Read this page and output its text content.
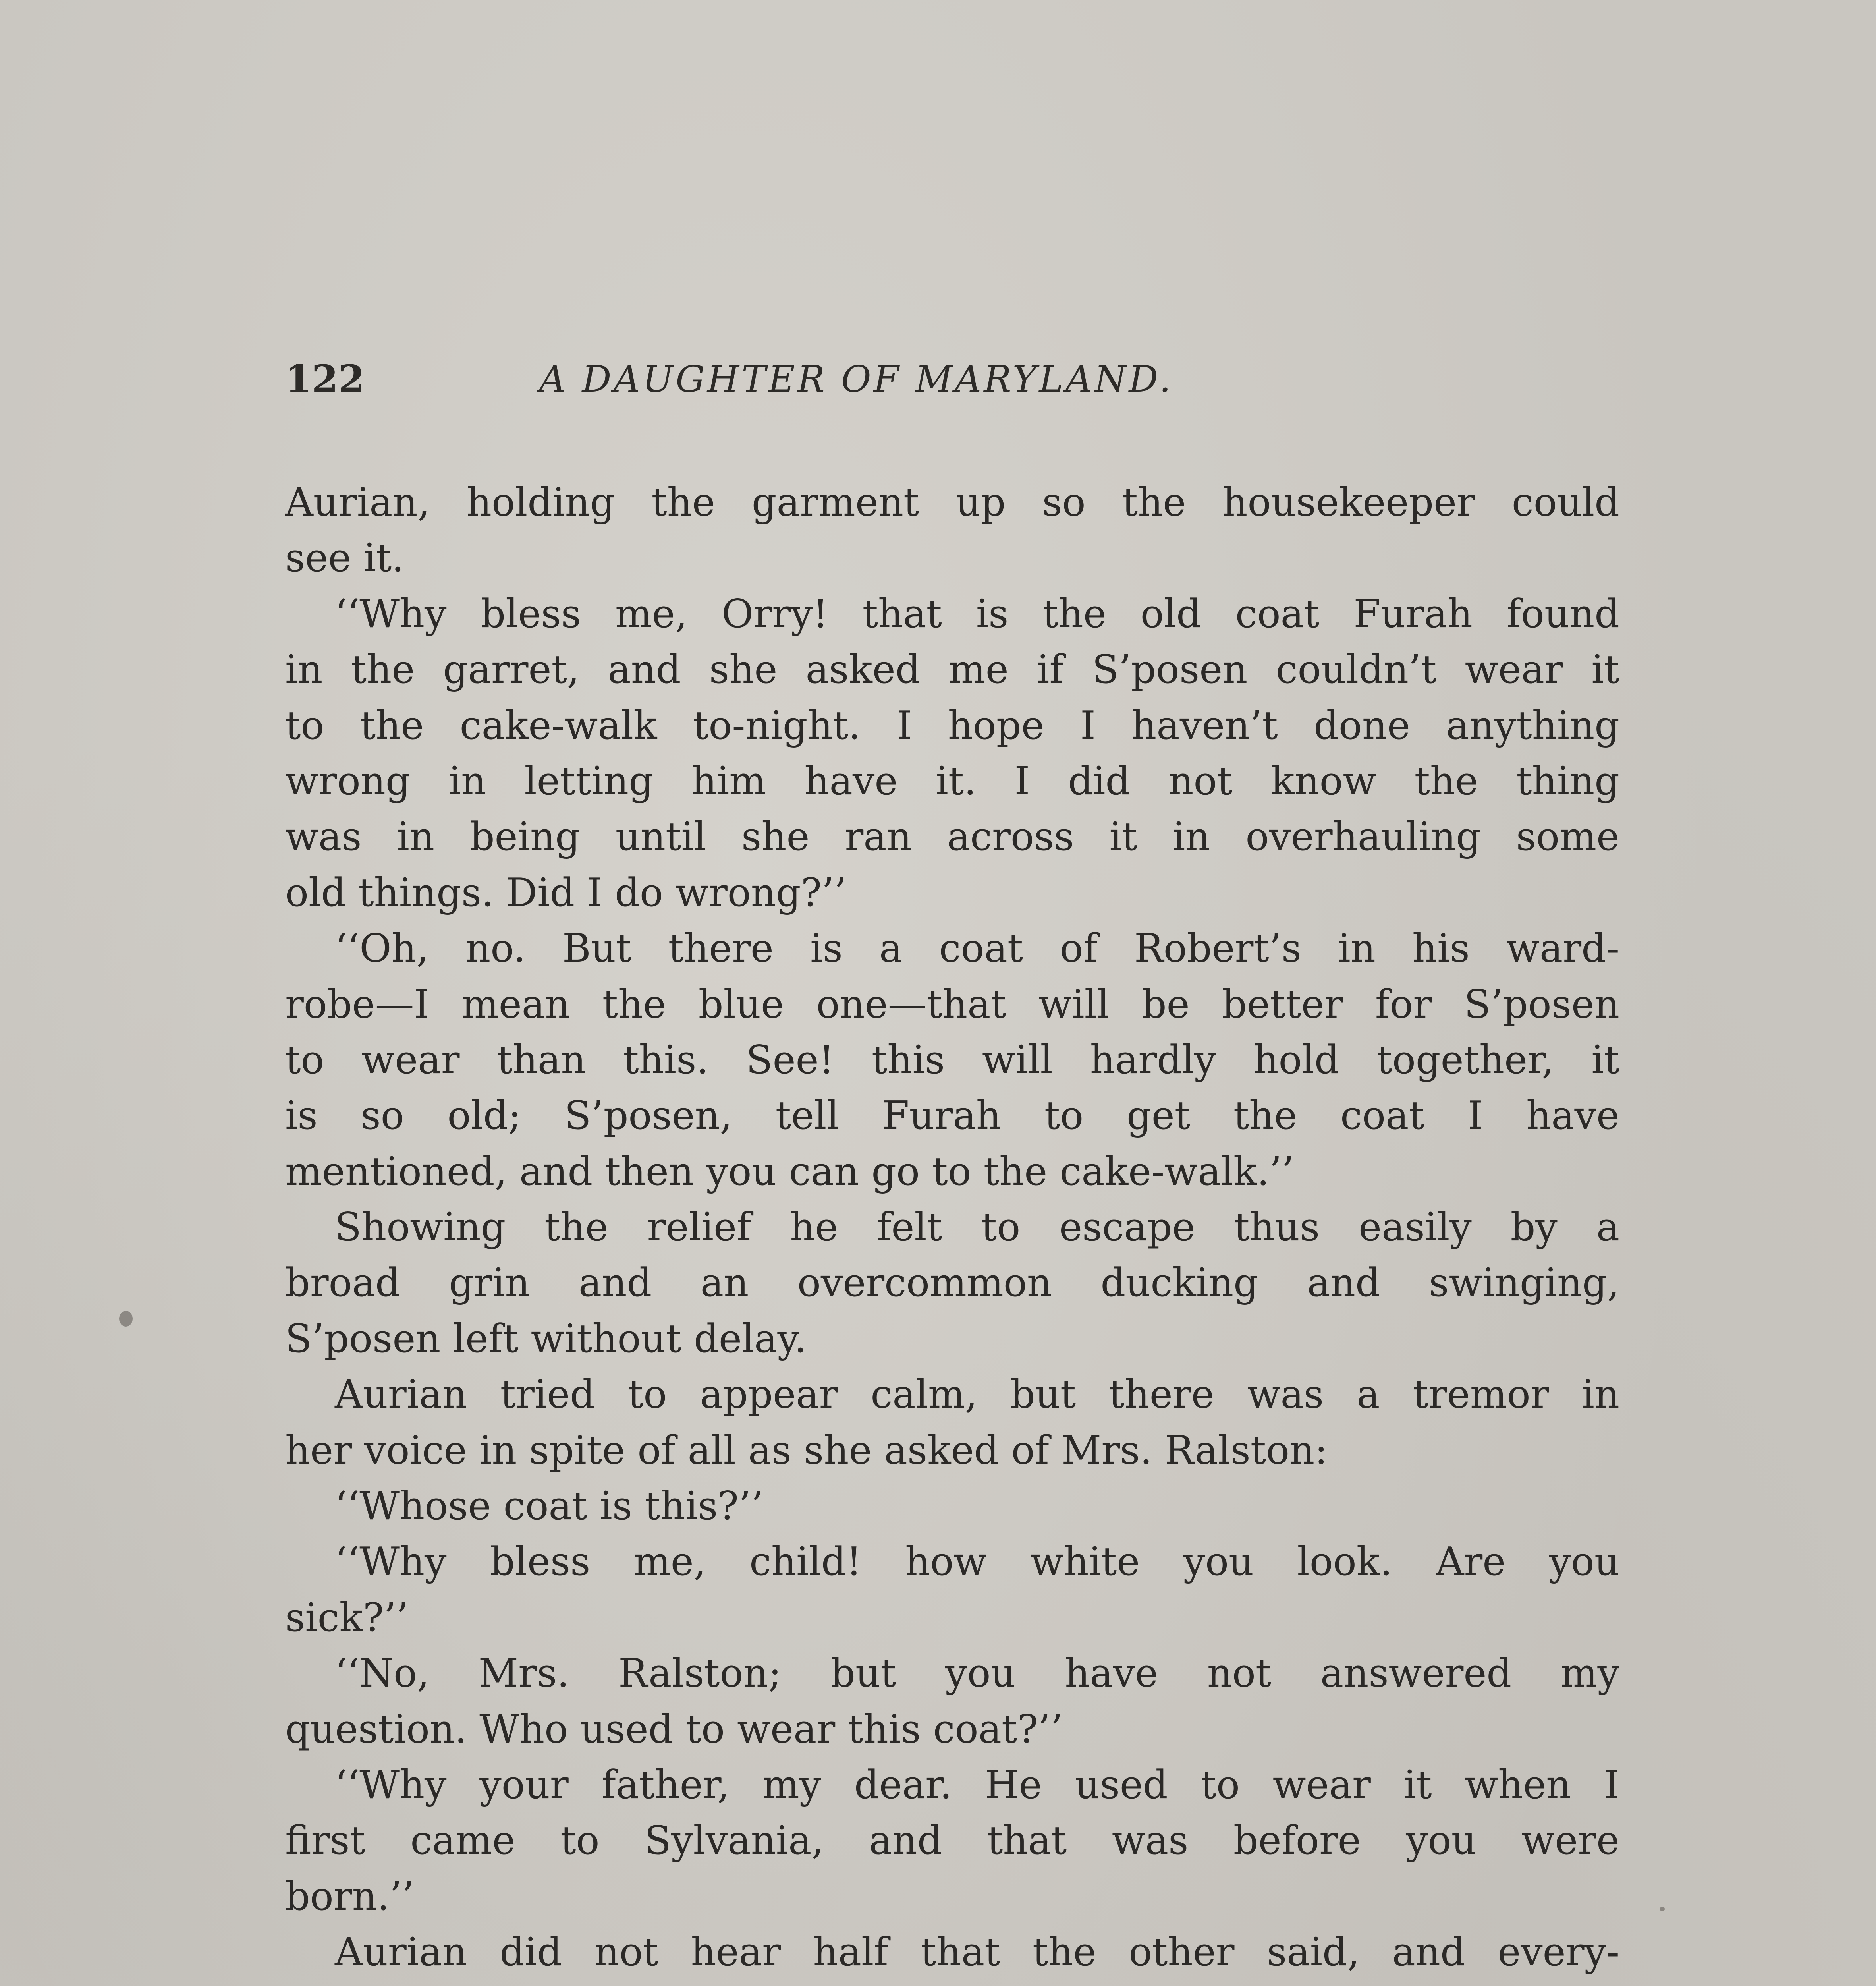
122	A DAUGHTER OF MARYLAND.
Aurian, holding the garment up so the housekeeper could
see it.
‘‘Why bless me, Orry! that is the old coat Furah found
in the garret, and she asked me if S’posen couldn’t wear it
to the cake-walk to-night. I hope I haven’t done anything
wrong in letting him have it. I did not know the thing
was in being until she ran across it in overhauling some
old things. Did I do wrong?’’
‘‘Oh, no. But there is a coat of Robert’s in his ward-
robe—I mean the blue one—that will be better for S’posen
to wear than this. See! this will hardly hold together, it
is so old; S’posen, tell Furah to get the coat I have
mentioned, and then you can go to the cake-walk.’’
Showing the relief he felt to escape thus easily by a
broad grin and an overcommon ducking and swinging,
S’posen left without delay.
Aurian tried to appear calm, but there was a tremor in
her voice in spite of all as she asked of Mrs. Ralston:
‘‘Whose coat is this?’’
‘‘Why bless me, child! how white you look. Are you
sick?’’
‘‘No, Mrs. Ralston; but you have not answered my
question. Who used to wear this coat?’’
‘‘Why your father, my dear. He used to wear it when I
first came to Sylvania, and that was before you were
born.’’
Aurian did not hear half that the other said, and every-
